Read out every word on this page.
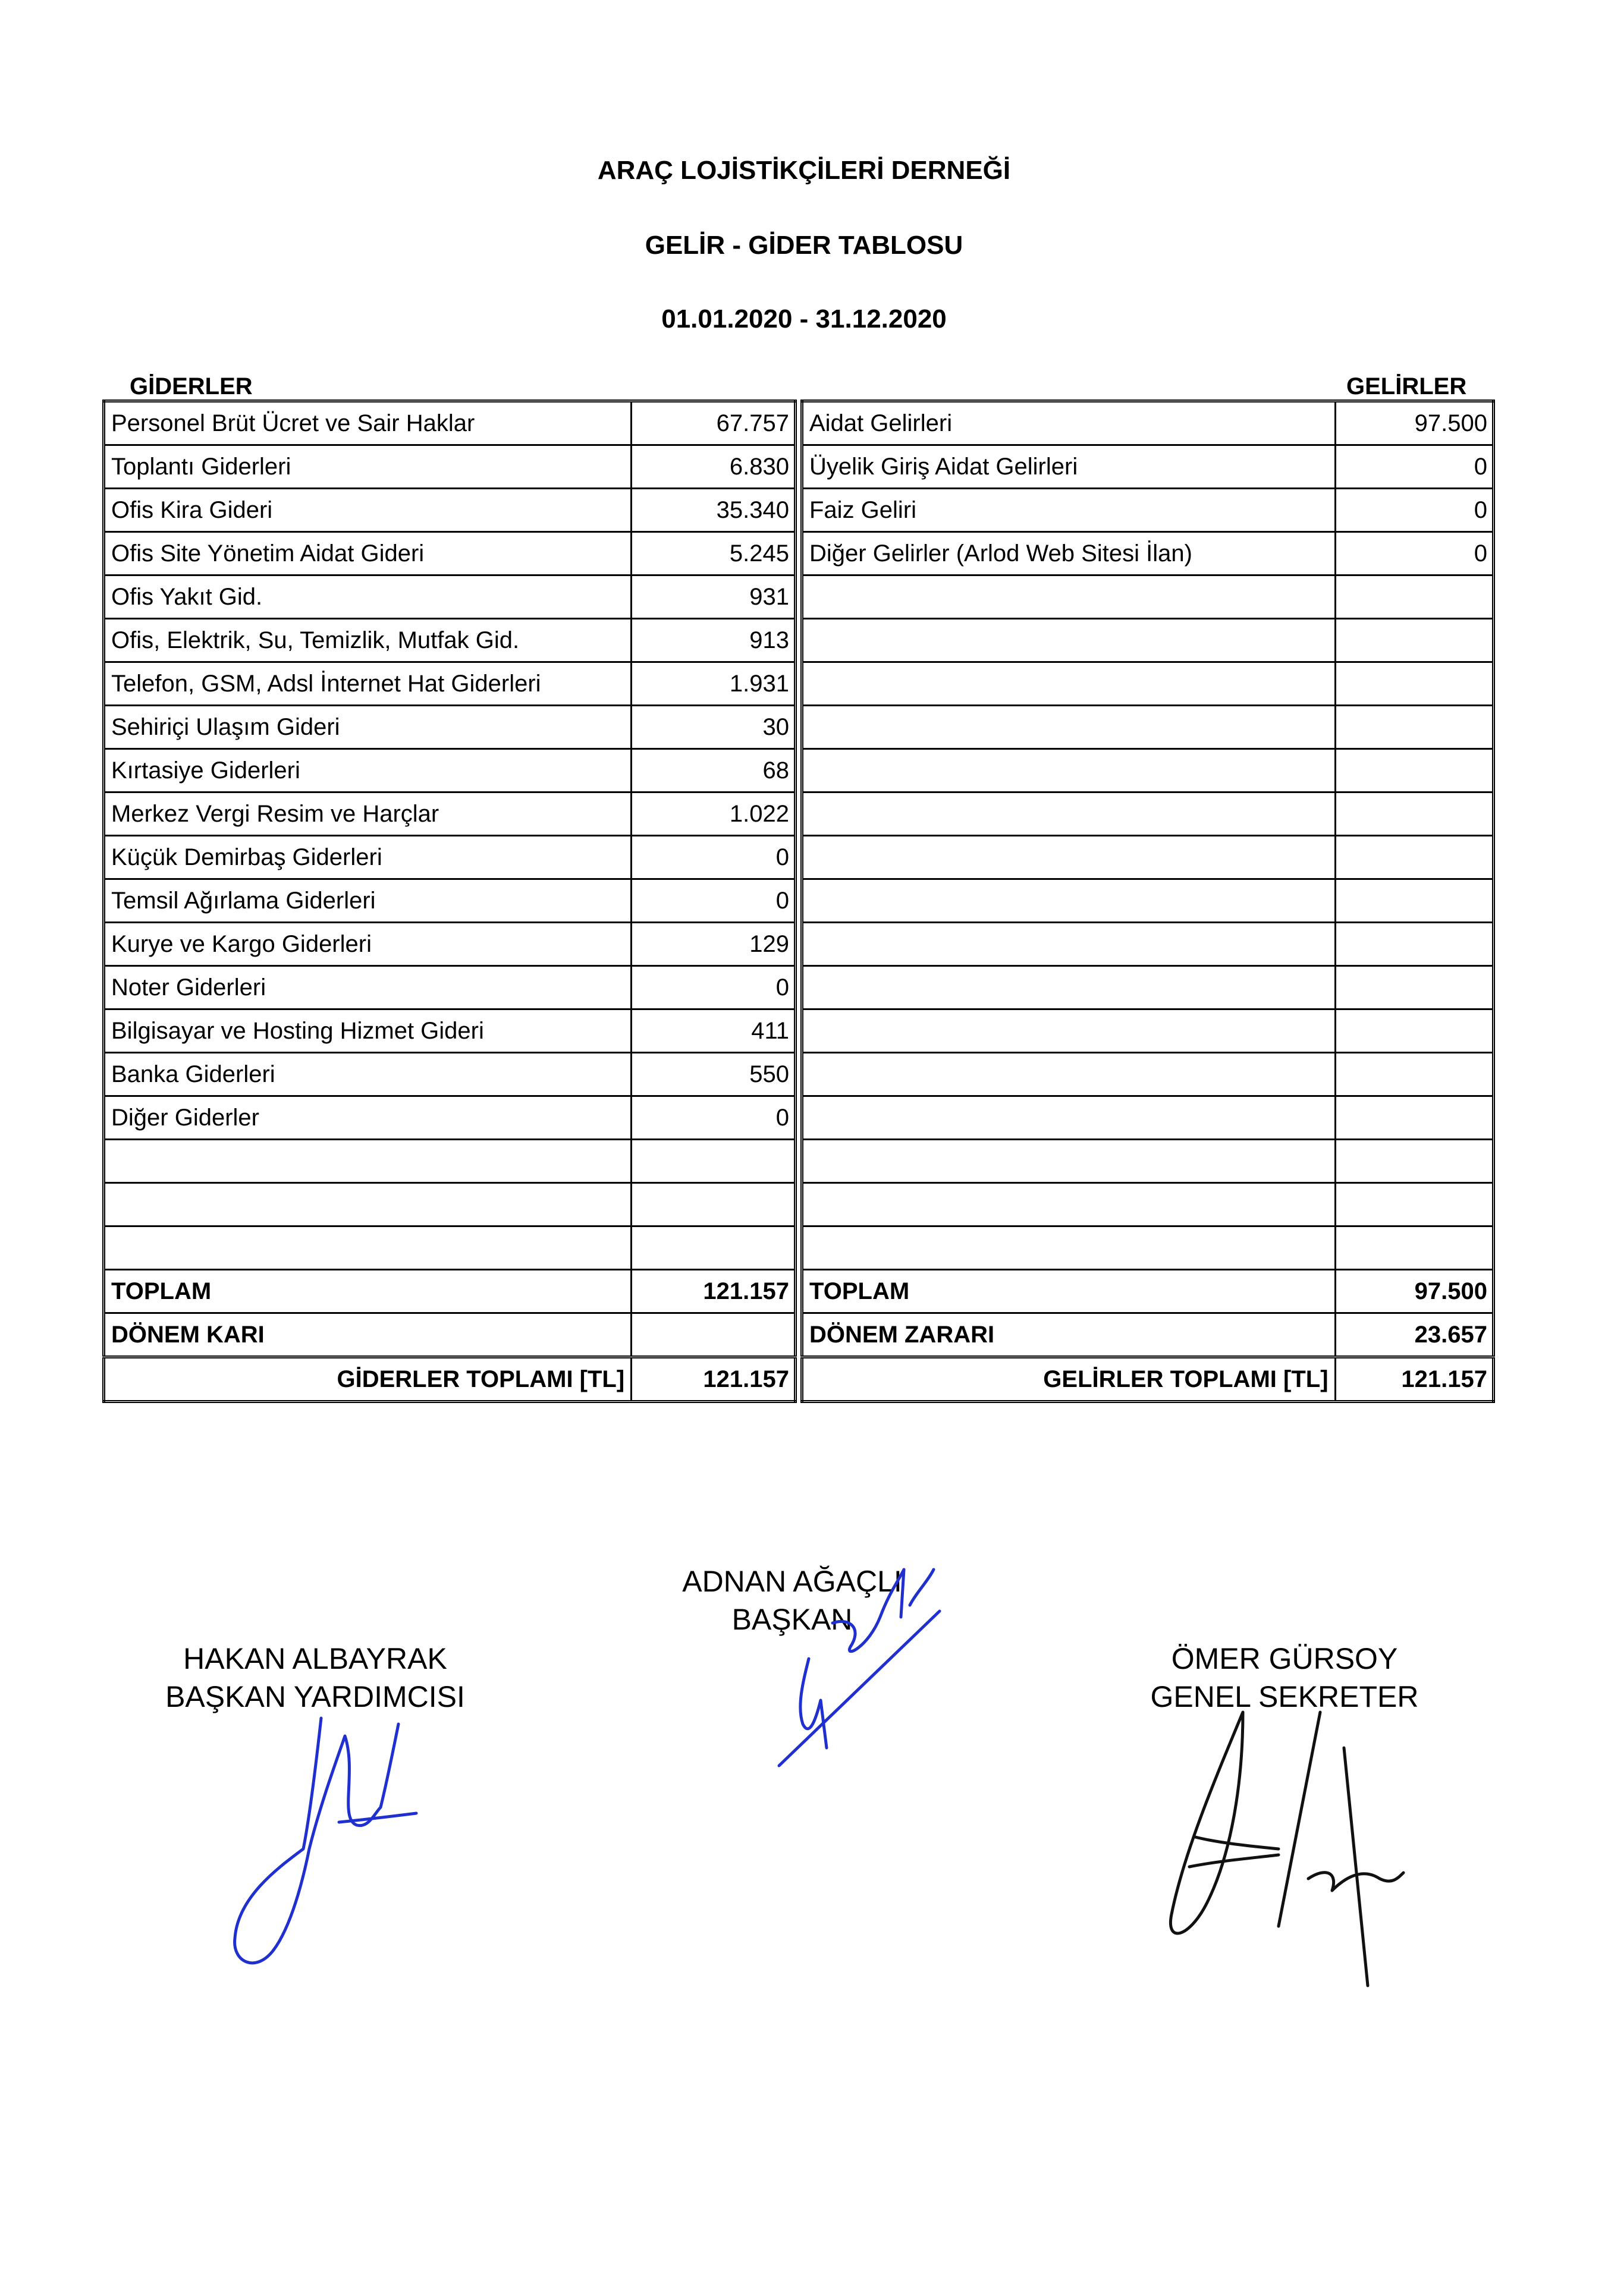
ARAÇ LOJİSTİKÇİLERİ DERNEĞİ
GELİR - GİDER TABLOSU
01.01.2020 - 31.12.2020
GİDERLER	GELİRLER
Personel Brüt Ücret ve Sair Haklar	67.757
Toplantı Giderleri	6.830
Ofis Kira Gideri	35.340
Ofis Site Yönetim Aidat Gideri	5.245
Ofis Yakıt Gid.	931
Ofis, Elektrik, Su, Temizlik, Mutfak Gid.	913
Telefon, GSM, Adsl İnternet Hat Giderleri	1.931
Sehiriçi Ulaşım Gideri	30
Kırtasiye Giderleri	68
Merkez Vergi Resim ve Harçlar	1.022
Küçük Demirbaş Giderleri	0
Temsil Ağırlama Giderleri	0
Kurye ve Kargo Giderleri	129
Noter Giderleri	0
Bilgisayar ve Hosting Hizmet Gideri	411
Banka Giderleri	550
Diğer Giderler	0

TOPLAM	121.157
DÖNEM KARI	
GİDERLER TOPLAMI [TL]	121.157
Aidat Gelirleri	97.500
Üyelik Giriş Aidat Gelirleri	0
Faiz Geliri	0
Diğer Gelirler (Arlod Web Sitesi İlan)	0

TOPLAM	97.500
DÖNEM ZARARI	23.657
GELİRLER TOPLAMI [TL]	121.157
ADNAN AĞAÇLI
BAŞKAN
HAKAN ALBAYRAK
BAŞKAN YARDIMCISI
ÖMER GÜRSOY
GENEL SEKRETER
